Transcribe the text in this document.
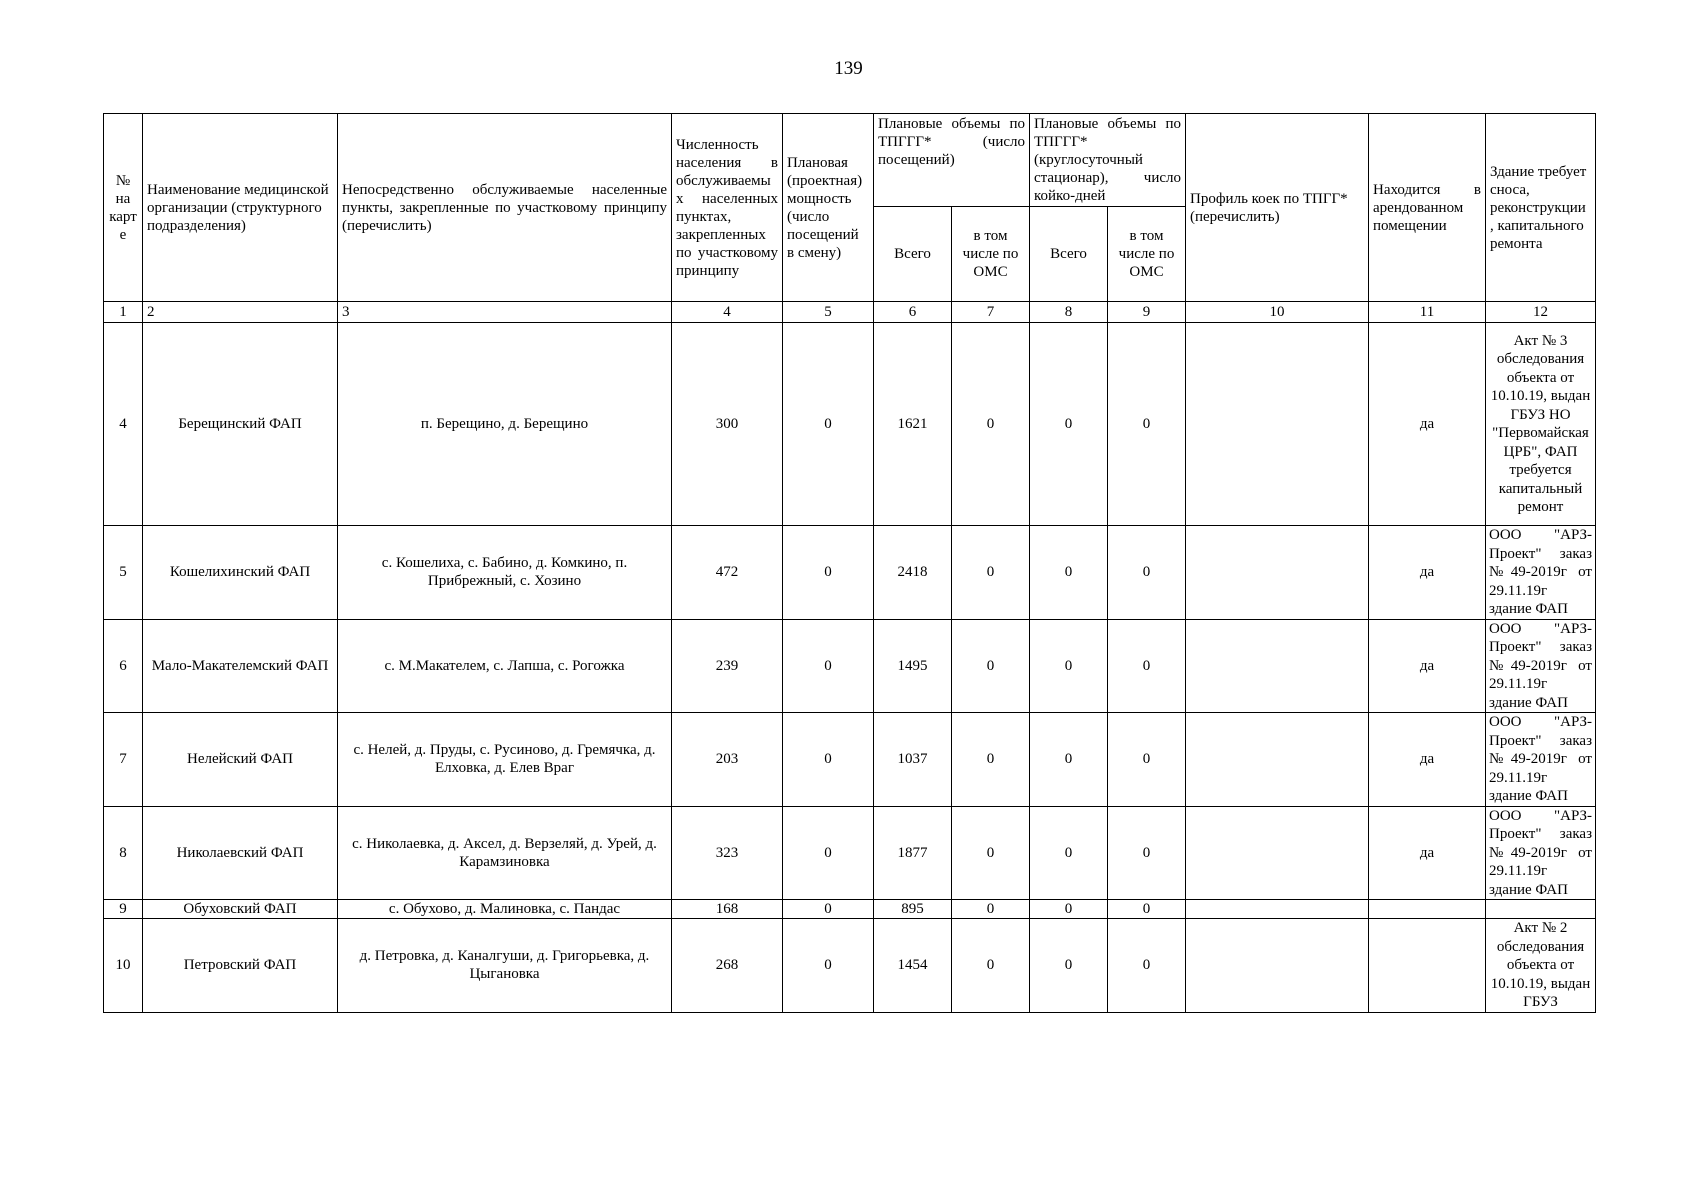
139
№ на карте	Наименование медицинской организации (структурного подразделения)	Непосредственно обслуживаемые населенные пункты, закрепленные по участковому принципу (перечислить)	Численность населения в обслуживаемых населенных пунктах, закрепленных по участковому принципу	Плановая (проектная) мощность (число посещений в смену)	Плановые объемы по ТПГГГ* (число посещений)		Плановые объемы по ТПГГГ* (круглосуточный стационар), число койко-дней		Профиль коек по ТПГГ* (перечислить)	Находится в арендованном помещении	Здание требует сноса, реконструкции , капитального ремонта
					Всего	в том числе по ОМС	Всего	в том числе по ОМС			
1	2	3	4	5	6	7	8	9	10	11	12
4	Берещинский ФАП	п. Берещино, д. Берещино	300	0	1621	0	0	0		да	Акт № 3 обследования объекта от 10.10.19, выдан ГБУЗ НО "Первомайская ЦРБ", ФАП требуется капитальный ремонт
5	Кошелихинский ФАП	с. Кошелиха, с. Бабино, д. Комкино, п. Прибрежный, с. Хозино	472	0	2418	0	0	0		да	ООО "АРЗ-Проект" заказ №49-2019г от 29.11.19г здание ФАП
6	Мало-Макателемский ФАП	с. М.Макателем, с. Лапша, с. Рогожка	239	0	1495	0	0	0		да	ООО "АРЗ-Проект" заказ №49-2019г от 29.11.19г здание ФАП
7	Нелейский ФАП	с. Нелей, д. Пруды, с. Русиново, д. Гремячка, д. Елховка, д. Елев Враг	203	0	1037	0	0	0		да	ООО "АРЗ-Проект" заказ №49-2019г от 29.11.19г здание ФАП
8	Николаевский ФАП	с. Николаевка, д. Аксел, д. Верзеляй, д. Урей, д. Карамзиновка	323	0	1877	0	0	0		да	ООО "АРЗ-Проект" заказ №49-2019г от 29.11.19г здание ФАП
9	Обуховский ФАП	с. Обухово, д. Малиновка, с. Пандас	168	0	895	0	0	0			
10	Петровский ФАП	д. Петровка, д. Каналгуши, д. Григорьевка, д. Цыгановка	268	0	1454	0	0	0			Акт № 2 обследования объекта от 10.10.19, выдан ГБУЗ
